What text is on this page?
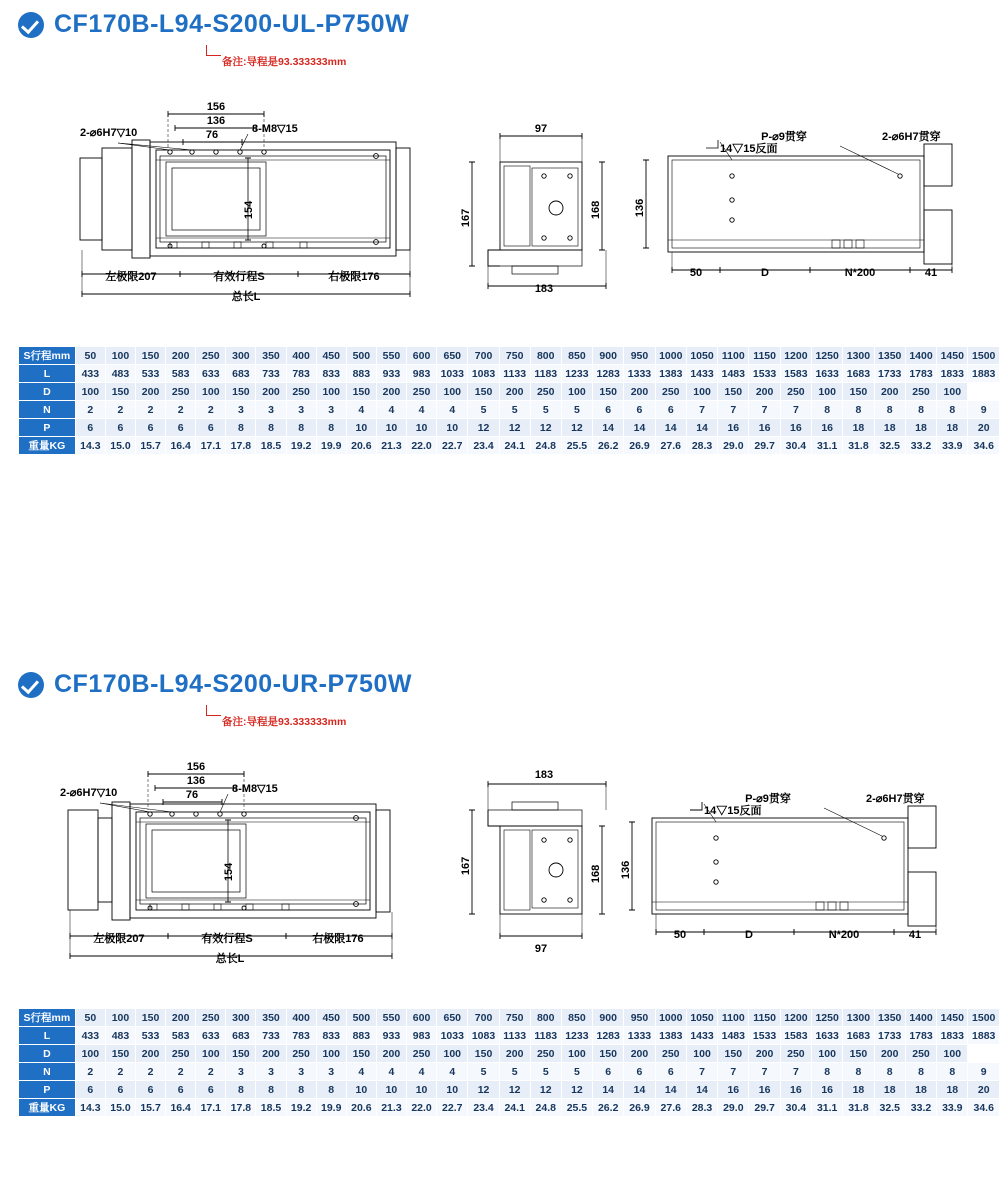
CF170B-L94-S200-UL-P750W
备注:导程是93.333333mm
156
136
76
2-⌀6H7▽10	8-M8▽15	97
P-⌀9贯穿
14▽15反面
2-⌀6H7贯穿
50	D	N*200	41
183
左极限207	有效行程S	右极限176
总长L
154	167	168	136
S行程mm	50	100	150	200	250	300	350	400	450	500	550	600	650	700	750	800	850	900	950	1000	1050	1100	1150	1200	1250	1300	1350	1400	1450	1500
L	433	483	533	583	633	683	733	783	833	883	933	983	1033	1083	1133	1183	1233	1283	1333	1383	1433	1483	1533	1583	1633	1683	1733	1783	1833	1883
D	100	150	200	250	100	150	200	250	100	150	200	250	100	150	200	250	100	150	200	250	100	150	200	250	100	150	200	250	100	
N	2	2	2	2	2	3	3	3	3	4	4	4	4	5	5	5	5	6	6	6	7	7	7	7	8	8	8	8	8	9
P	6	6	6	6	6	8	8	8	8	10	10	10	10	12	12	12	12	14	14	14	14	16	16	16	16	18	18	18	18	20
重量KG	14.3	15.0	15.7	16.4	17.1	17.8	18.5	19.2	19.9	20.6	21.3	22.0	22.7	23.4	24.1	24.8	25.5	26.2	26.9	27.6	28.3	29.0	29.7	30.4	31.1	31.8	32.5	33.2	33.9	34.6
CF170B-L94-S200-UR-P750W
备注:导程是93.333333mm
156
136
76
2-⌀6H7▽10	8-M8▽15
183
97
P-⌀9贯穿
14▽15反面
2-⌀6H7贯穿
50	D	N*200	41
左极限207	有效行程S	右极限176
总长L
154	167	168 136
S行程mm	50	100	150	200	250	300	350	400	450	500	550	600	650	700	750	800	850	900	950	1000	1050	1100	1150	1200	1250	1300	1350	1400	1450	1500
L	433	483	533	583	633	683	733	783	833	883	933	983	1033	1083	1133	1183	1233	1283	1333	1383	1433	1483	1533	1583	1633	1683	1733	1783	1833	1883
D	100	150	200	250	100	150	200	250	100	150	200	250	100	150	200	250	100	150	200	250	100	150	200	250	100	150	200	250	100	
N	2	2	2	2	2	3	3	3	3	4	4	4	4	5	5	5	5	6	6	6	7	7	7	7	8	8	8	8	8	9
P	6	6	6	6	6	8	8	8	8	10	10	10	10	12	12	12	12	14	14	14	14	16	16	16	16	18	18	18	18	20
重量KG	14.3	15.0	15.7	16.4	17.1	17.8	18.5	19.2	19.9	20.6	21.3	22.0	22.7	23.4	24.1	24.8	25.5	26.2	26.9	27.6	28.3	29.0	29.7	30.4	31.1	31.8	32.5	33.2	33.9	34.6
